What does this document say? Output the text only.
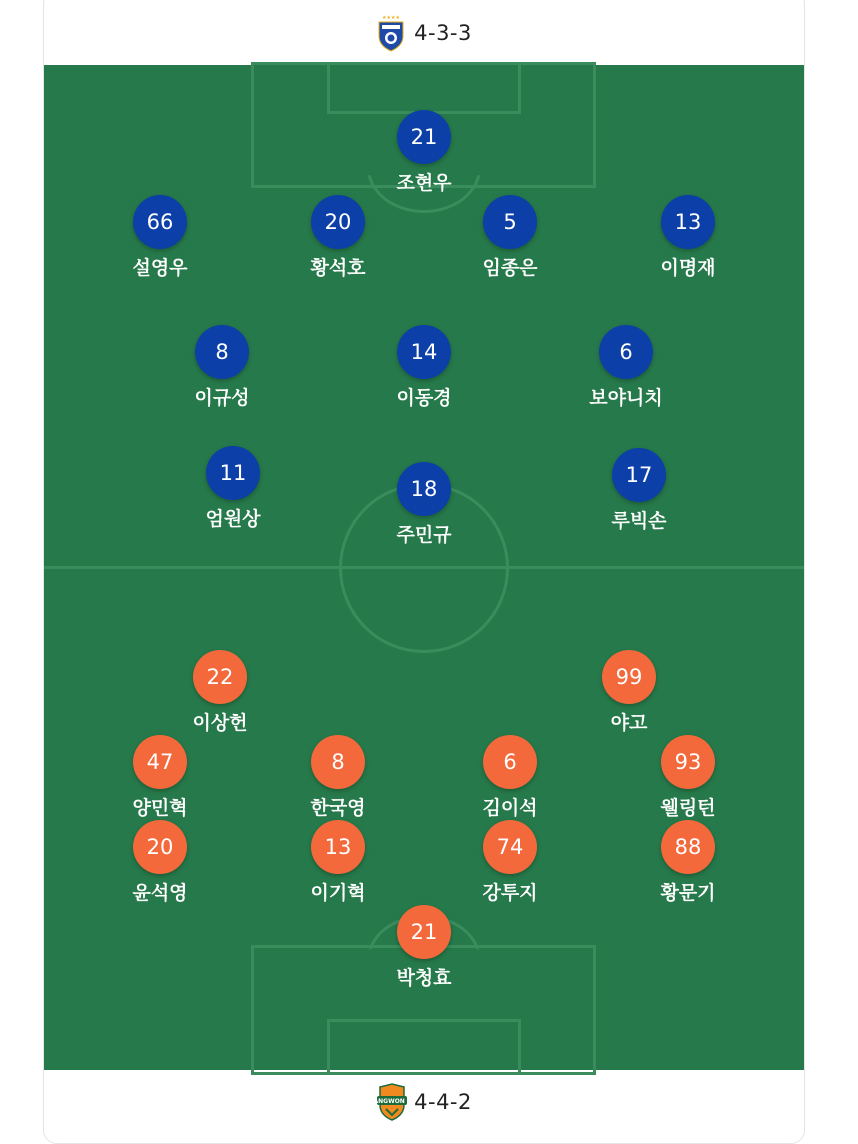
★★★★
4-3-3
21
조현우
66
설영우
20
황석호
5
임종은
13
이명재
8
이규성
14
이동경
6
보야니치
11
엄원상
18
주민규
17
루빅손
22
이상헌
99
야고
47
양민혁
8
한국영
6
김이석
93
웰링턴
20
윤석영
13
이기혁
74
강투지
88
황문기
21
박청효
GANGWON FC
4-4-2
